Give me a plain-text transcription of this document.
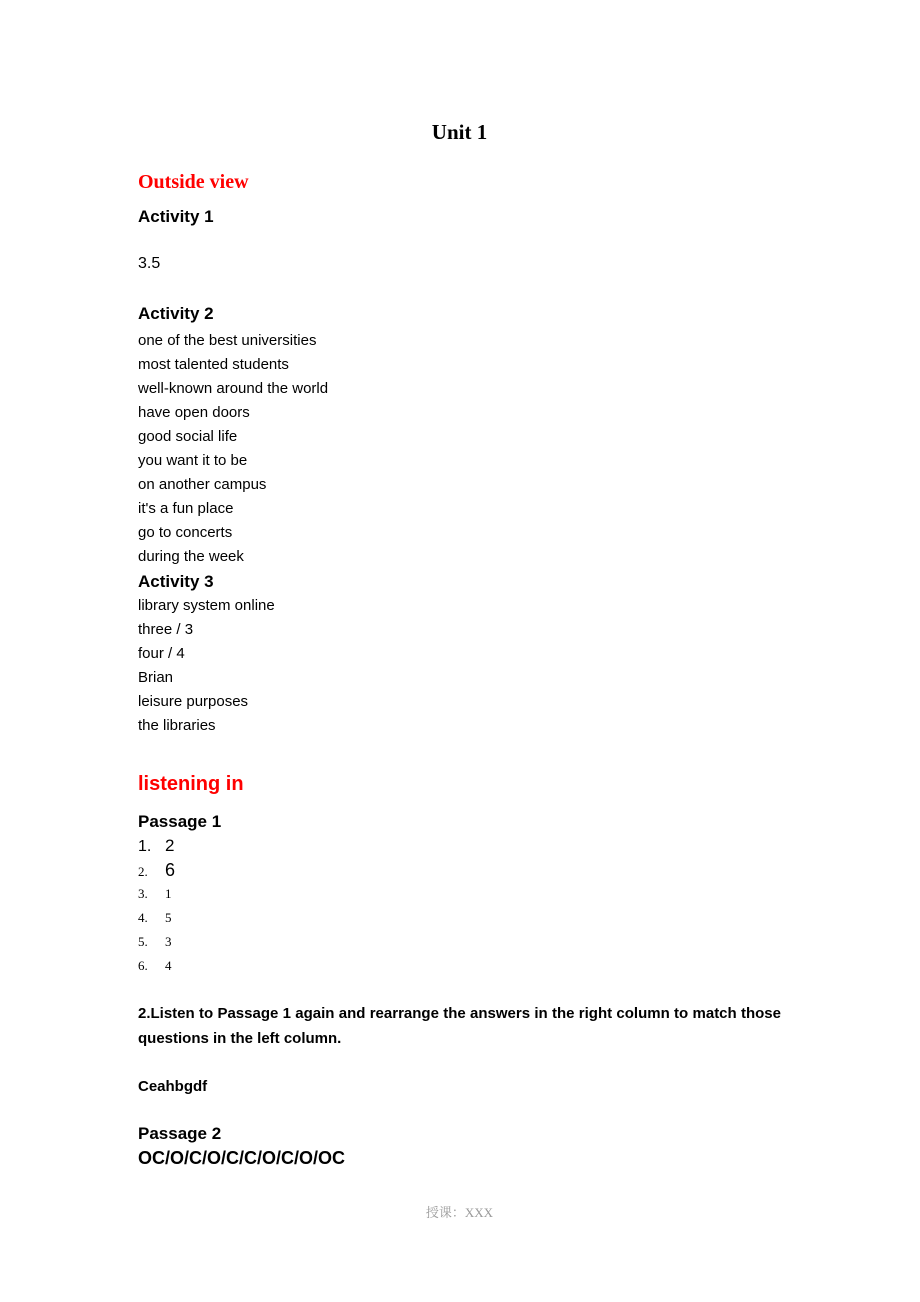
Unit 1
Outside view
Activity 1

3.5

Activity 2
one of the best universities
most talented students
well-known around the world
have open doors
good social life
you want it to be
on another campus
it's a fun place
go to concerts
during the week
Activity 3
library system online
three / 3
four / 4
Brian
leisure purposes
the libraries
listening in
Passage 1
1. 2
2. 6
3. 1
4. 5
5. 3
6. 4

2.Listen to Passage 1 again and rearrange the answers in the right column to match those questions in the left column.

Ceahbgdf

Passage 2

OC/O/C/O/C/C/O/C/O/OC

授课：XXX
